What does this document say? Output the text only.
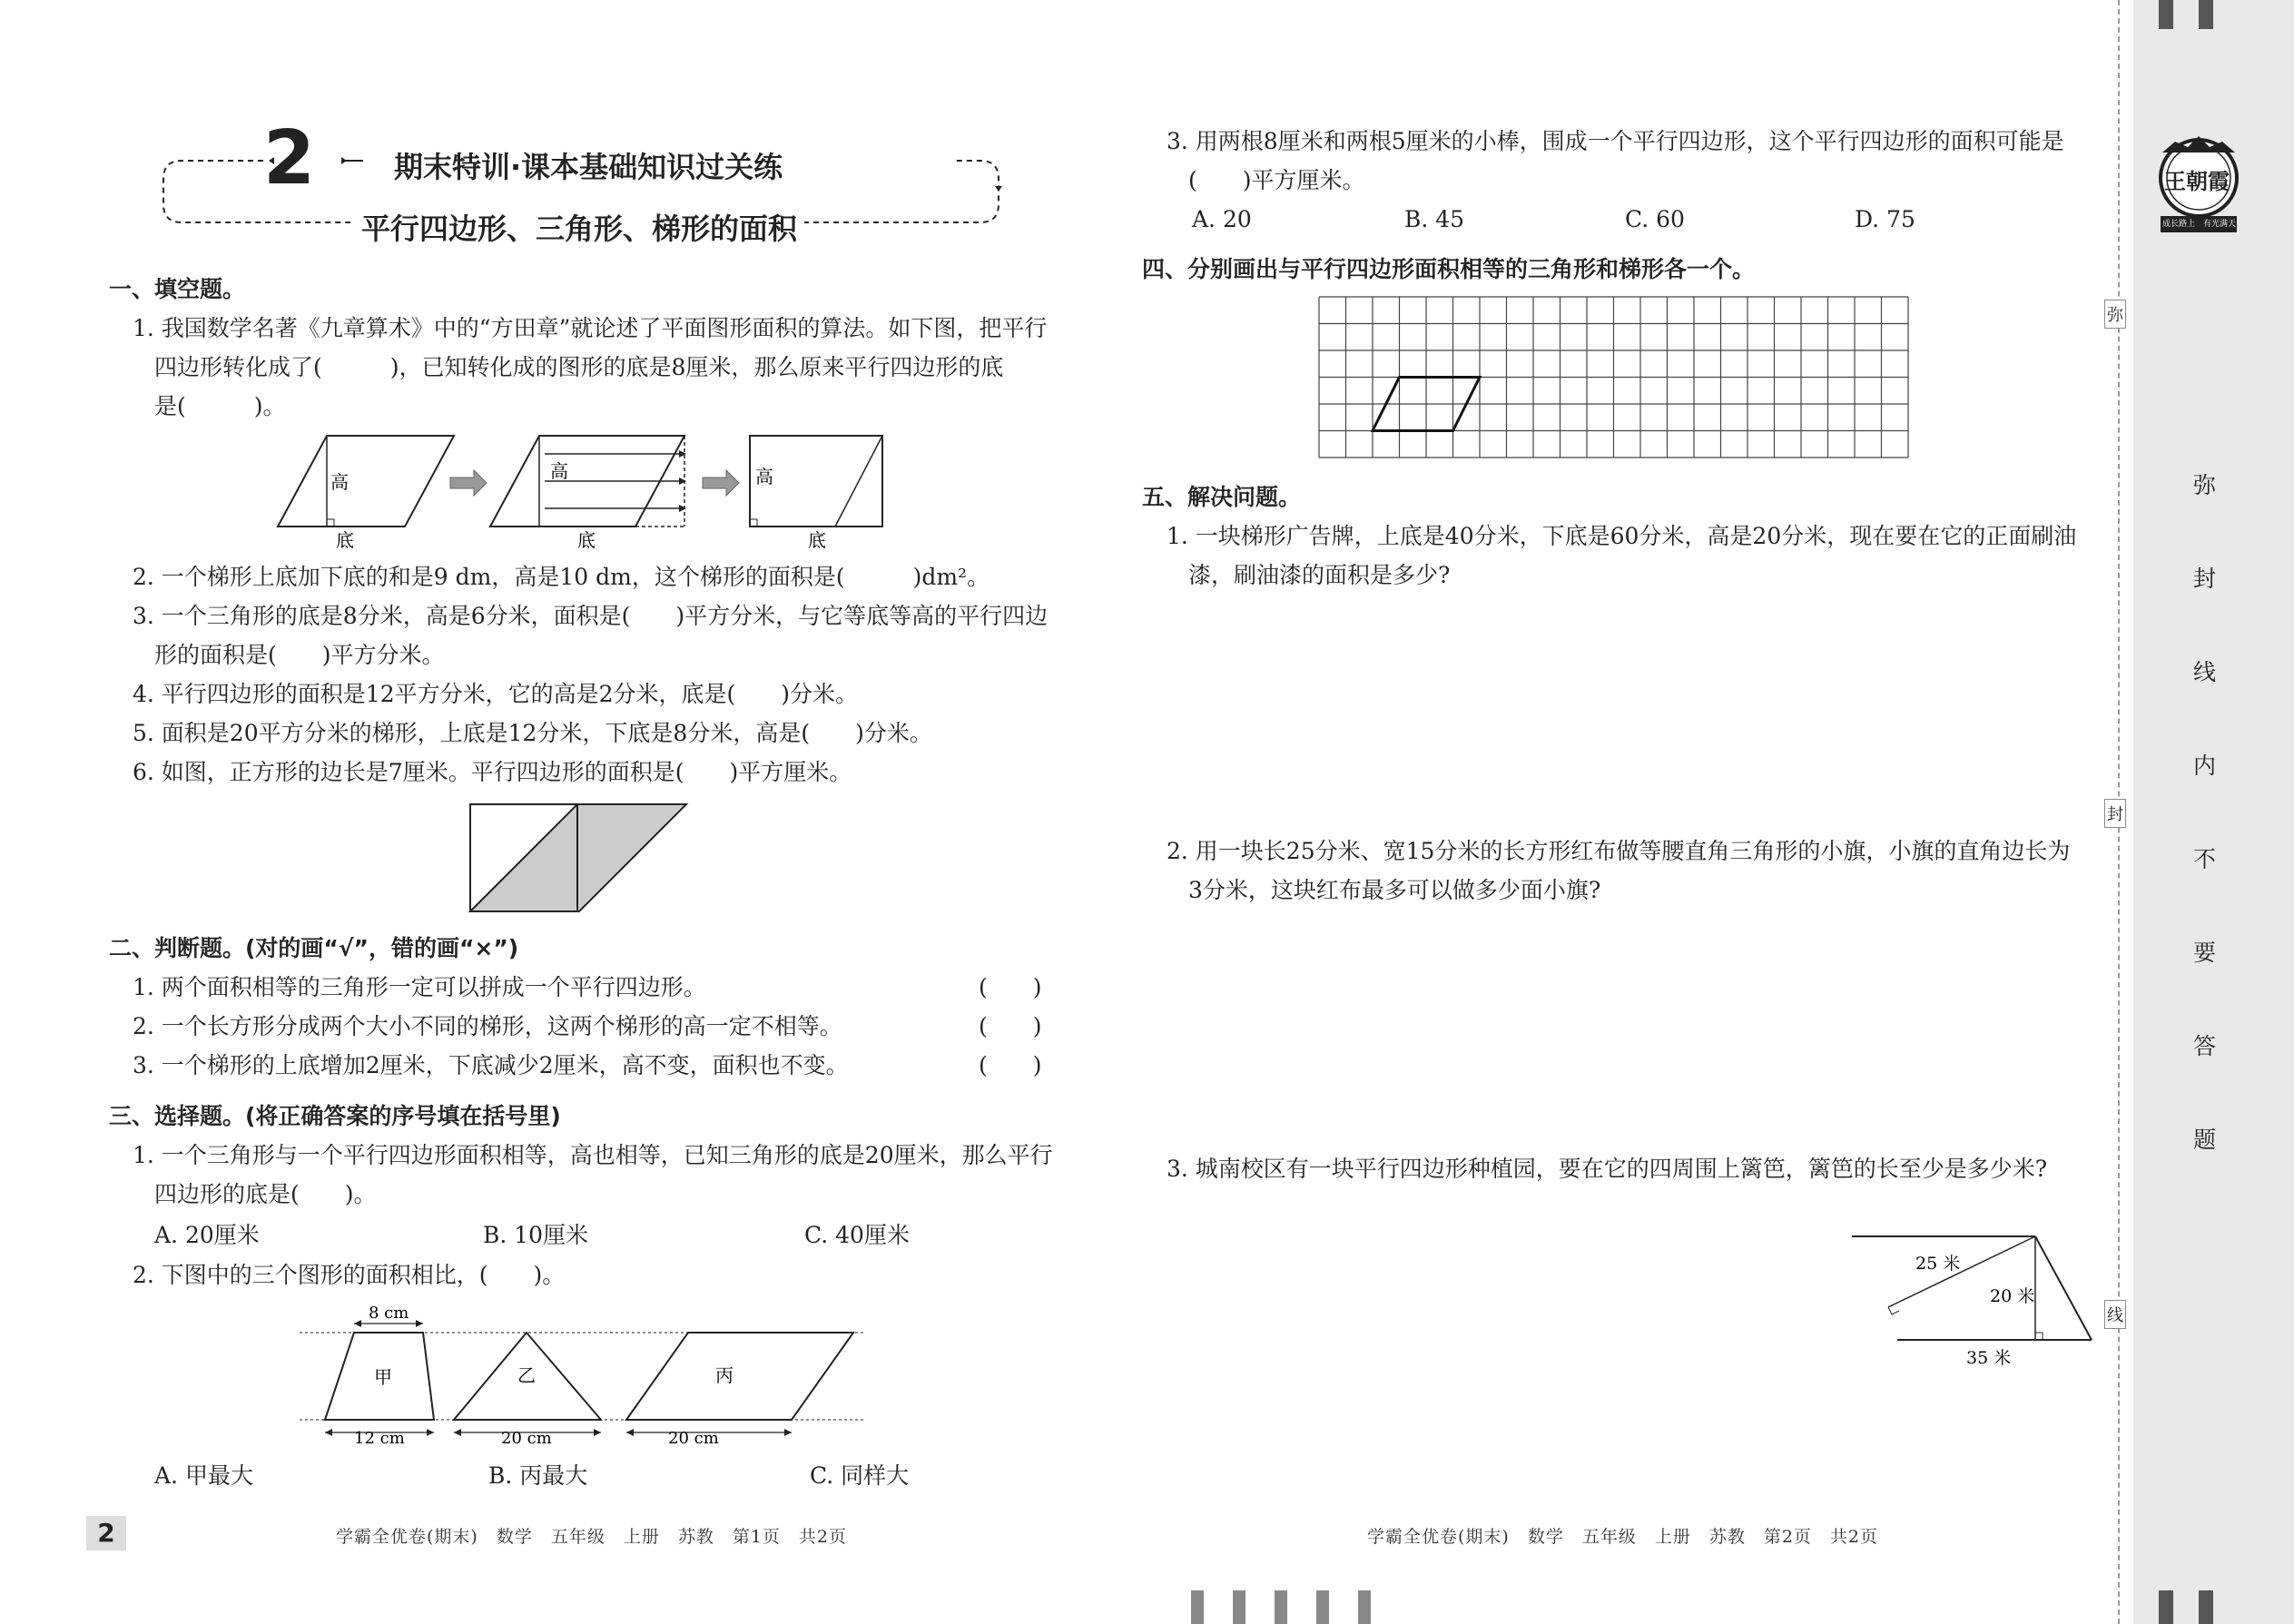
2	期末特训·课本基础知识过关练
平行四边形、三角形、梯形的面积
一、填空题。
1. 我国数学名著《九章算术》中的“方田章”就论述了平面图形面积的算法。如下图，把平行
四边形转化成了(　　　)，已知转化成的图形的底是8厘米，那么原来平行四边形的底
是(　　　)。
高
底
高
底
高
底
2. 一个梯形上底加下底的和是9 dm，高是10 dm，这个梯形的面积是(　　　)dm²。
3. 一个三角形的底是8分米，高是6分米，面积是(　　)平方分米，与它等底等高的平行四边
形的面积是(　　)平方分米。
4. 平行四边形的面积是12平方分米，它的高是2分米，底是(　　)分米。
5. 面积是20平方分米的梯形，上底是12分米，下底是8分米，高是(　　)分米。
6. 如图，正方形的边长是7厘米。平行四边形的面积是(　　)平方厘米。
二、判断题。(对的画“√”，错的画“×”)
1. 两个面积相等的三角形一定可以拼成一个平行四边形。	(　　)
2. 一个长方形分成两个大小不同的梯形，这两个梯形的高一定不相等。	(　　)
3. 一个梯形的上底增加2厘米，下底减少2厘米，高不变，面积也不变。	(　　)
三、选择题。(将正确答案的序号填在括号里)
1. 一个三角形与一个平行四边形面积相等，高也相等，已知三角形的底是20厘米，那么平行
四边形的底是(　　)。
A. 20厘米	B. 10厘米	C. 40厘米
2. 下图中的三个图形的面积相比，(　　)。
8 cm
甲
12 cm
乙
20 cm
丙
20 cm
A. 甲最大	B. 丙最大	C. 同样大
2	学霸全优卷(期末)　数学　五年级　上册　苏教　第1页　共2页
3. 用两根8厘米和两根5厘米的小棒，围成一个平行四边形，这个平行四边形的面积可能是
(　　)平方厘米。
A. 20	B. 45	C. 60	D. 75
四、分别画出与平行四边形面积相等的三角形和梯形各一个。
五、解决问题。
1. 一块梯形广告牌，上底是40分米，下底是60分米，高是20分米，现在要在它的正面刷油
漆，刷油漆的面积是多少?
2. 用一块长25分米、宽15分米的长方形红布做等腰直角三角形的小旗，小旗的直角边长为
3分米，这块红布最多可以做多少面小旗?
3. 城南校区有一块平行四边形种植园，要在它的四周围上篱笆，篱笆的长至少是多少米?
25 米
20 米
35 米
学霸全优卷(期末)　数学　五年级　上册　苏教　第2页　共2页
王朝霞
成长路上　有光满天
弥
封
线
弥
封
线
内
不
要
答
题
